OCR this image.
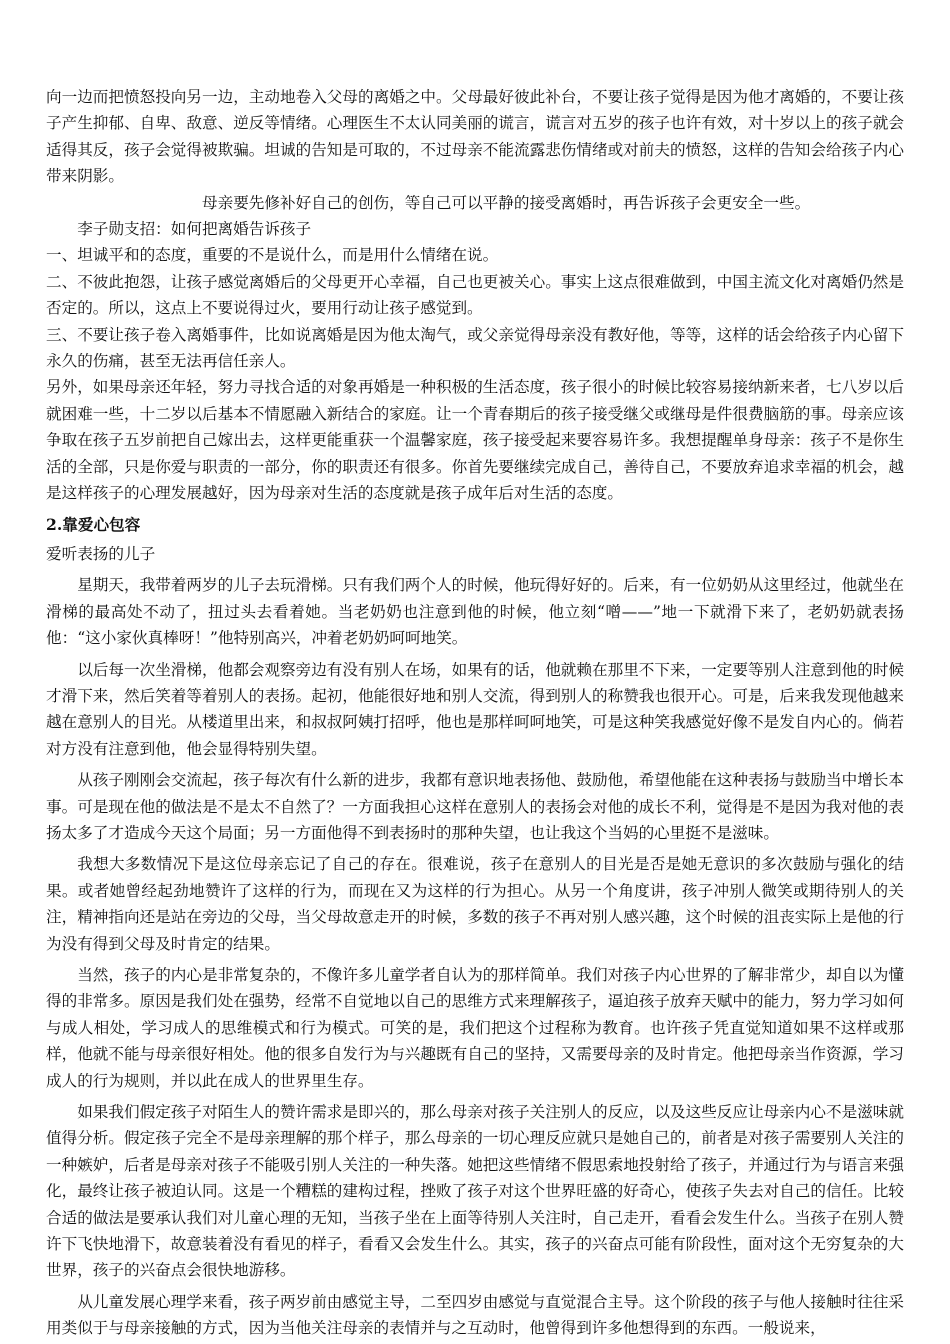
向一边而把愤怒投向另一边，主动地卷入父母的离婚之中。父母最好彼此补台，不要让孩子觉得是因为他才离婚的，不要让孩子产生抑郁、自卑、敌意、逆反等情绪。心理医生不太认同美丽的谎言，谎言对五岁的孩子也许有效，对十岁以上的孩子就会适得其反，孩子会觉得被欺骗。坦诚的告知是可取的，不过母亲不能流露悲伤情绪或对前夫的愤怒，这样的告知会给孩子内心带来阴影。

母亲要先修补好自己的创伤，等自己可以平静的接受离婚时，再告诉孩子会更安全一些。

李子勋支招：如何把离婚告诉孩子

一、坦诚平和的态度，重要的不是说什么，而是用什么情绪在说。

二、不彼此抱怨，让孩子感觉离婚后的父母更开心幸福，自己也更被关心。事实上这点很难做到，中国主流文化对离婚仍然是否定的。所以，这点上不要说得过火，要用行动让孩子感觉到。

三、不要让孩子卷入离婚事件，比如说离婚是因为他太淘气，或父亲觉得母亲没有教好他，等等，这样的话会给孩子内心留下永久的伤痛，甚至无法再信任亲人。

另外，如果母亲还年轻，努力寻找合适的对象再婚是一种积极的生活态度，孩子很小的时候比较容易接纳新来者，七八岁以后就困难一些，十二岁以后基本不情愿融入新结合的家庭。让一个青春期后的孩子接受继父或继母是件很费脑筋的事。母亲应该争取在孩子五岁前把自己嫁出去，这样更能重获一个温馨家庭，孩子接受起来要容易许多。我想提醒单身母亲：孩子不是你生活的全部，只是你爱与职责的一部分，你的职责还有很多。你首先要继续完成自己，善待自己，不要放弃追求幸福的机会，越是这样孩子的心理发展越好，因为母亲对生活的态度就是孩子成年后对生活的态度。

2.靠爱心包容

爱听表扬的儿子

星期天，我带着两岁的儿子去玩滑梯。只有我们两个人的时候，他玩得好好的。后来，有一位奶奶从这里经过，他就坐在滑梯的最高处不动了，扭过头去看着她。当老奶奶也注意到他的时候，他立刻“噌——”地一下就滑下来了，老奶奶就表扬他：“这小家伙真棒呀！”他特别高兴，冲着老奶奶呵呵地笑。

以后每一次坐滑梯，他都会观察旁边有没有别人在场，如果有的话，他就赖在那里不下来，一定要等别人注意到他的时候才滑下来，然后笑着等着别人的表扬。起初，他能很好地和别人交流，得到别人的称赞我也很开心。可是，后来我发现他越来越在意别人的目光。从楼道里出来，和叔叔阿姨打招呼，他也是那样呵呵地笑，可是这种笑我感觉好像不是发自内心的。倘若对方没有注意到他，他会显得特别失望。

从孩子刚刚会交流起，孩子每次有什么新的进步，我都有意识地表扬他、鼓励他，希望他能在这种表扬与鼓励当中增长本事。可是现在他的做法是不是太不自然了？一方面我担心这样在意别人的表扬会对他的成长不利，觉得是不是因为我对他的表扬太多了才造成今天这个局面；另一方面他得不到表扬时的那种失望，也让我这个当妈的心里挺不是滋味。

我想大多数情况下是这位母亲忘记了自己的存在。很难说，孩子在意别人的目光是否是她无意识的多次鼓励与强化的结果。或者她曾经起劲地赞许了这样的行为，而现在又为这样的行为担心。从另一个角度讲，孩子冲别人微笑或期待别人的关注，精神指向还是站在旁边的父母，当父母故意走开的时候，多数的孩子不再对别人感兴趣，这个时候的沮丧实际上是他的行为没有得到父母及时肯定的结果。

当然，孩子的内心是非常复杂的，不像许多儿童学者自认为的那样简单。我们对孩子内心世界的了解非常少，却自以为懂得的非常多。原因是我们处在强势，经常不自觉地以自己的思维方式来理解孩子，逼迫孩子放弃天赋中的能力，努力学习如何与成人相处，学习成人的思维模式和行为模式。可笑的是，我们把这个过程称为教育。也许孩子凭直觉知道如果不这样或那样，他就不能与母亲很好相处。他的很多自发行为与兴趣既有自己的坚持，又需要母亲的及时肯定。他把母亲当作资源，学习成人的行为规则，并以此在成人的世界里生存。

如果我们假定孩子对陌生人的赞许需求是即兴的，那么母亲对孩子关注别人的反应，以及这些反应让母亲内心不是滋味就值得分析。假定孩子完全不是母亲理解的那个样子，那么母亲的一切心理反应就只是她自己的，前者是对孩子需要别人关注的一种嫉妒，后者是母亲对孩子不能吸引别人关注的一种失落。她把这些情绪不假思索地投射给了孩子，并通过行为与语言来强化，最终让孩子被迫认同。这是一个糟糕的建构过程，挫败了孩子对这个世界旺盛的好奇心，使孩子失去对自己的信任。比较合适的做法是要承认我们对儿童心理的无知，当孩子坐在上面等待别人关注时，自己走开，看看会发生什么。当孩子在别人赞许下飞快地滑下，故意装着没有看见的样子，看看又会发生什么。其实，孩子的兴奋点可能有阶段性，面对这个无穷复杂的大世界，孩子的兴奋点会很快地游移。

从儿童发展心理学来看，孩子两岁前由感觉主导，二至四岁由感觉与直觉混合主导。这个阶段的孩子与他人接触时往往采用类似于与母亲接触的方式，因为当他关注母亲的表情并与之互动时，他曾得到许多他想得到的东西。一般说来，
